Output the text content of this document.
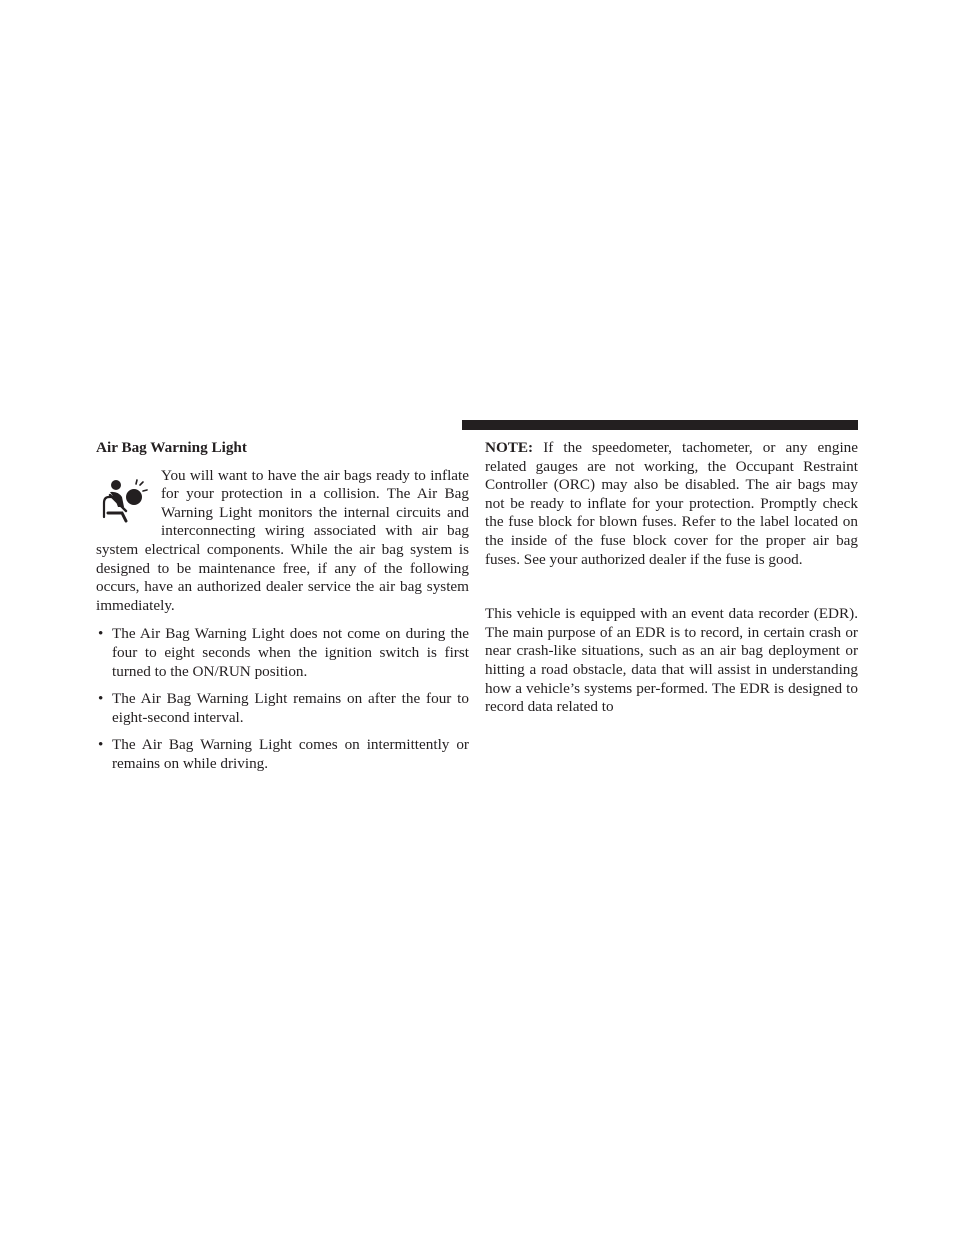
Air Bag Warning Light

You will want to have the air bags ready to inflate for your protection in a collision. The Air Bag Warning Light monitors the internal circuits and interconnecting wiring associated with air bag system electrical components. While the air bag system is designed to be maintenance free, if any of the following occurs, have an authorized dealer service the air bag system immediately.

• The Air Bag Warning Light does not come on during the four to eight seconds when the ignition switch is first turned to the ON/RUN position.
• The Air Bag Warning Light remains on after the four to eight-second interval.
• The Air Bag Warning Light comes on intermittently or remains on while driving.

NOTE: If the speedometer, tachometer, or any engine related gauges are not working, the Occupant Restraint Controller (ORC) may also be disabled. The air bags may not be ready to inflate for your protection. Promptly check the fuse block for blown fuses. Refer to the label located on the inside of the fuse block cover for the proper air bag fuses. See your authorized dealer if the fuse is good.

This vehicle is equipped with an event data recorder (EDR). The main purpose of an EDR is to record, in certain crash or near crash-like situations, such as an air bag deployment or hitting a road obstacle, data that will assist in understanding how a vehicle’s systems per-formed. The EDR is designed to record data related to
